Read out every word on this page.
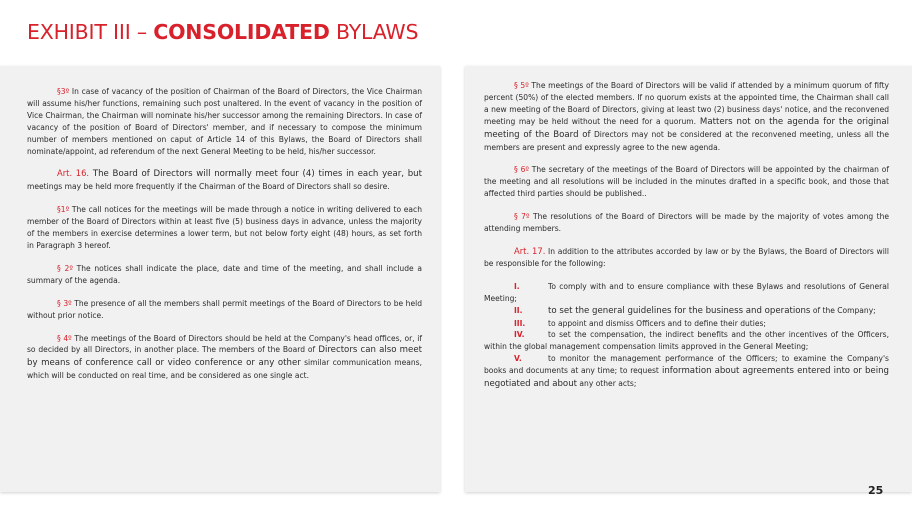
EXHIBIT III – CONSOLIDATED BYLAWS

§3º In case of vacancy of the position of Chairman of the Board of Directors, the Vice Chairman will assume his/her functions, remaining such post unaltered. In the event of vacancy in the position of Vice Chairman, the Chairman will nominate his/her successor among the remaining Directors. In case of vacancy of the position of Board of Directors' member, and if necessary to compose the minimum number of members mentioned on caput of Article 14 of this Bylaws, the Board of Directors shall nominate/appoint, ad referendum of the next General Meeting to be held, his/her successor.

Art. 16. The Board of Directors will normally meet four (4) times in each year, but meetings may be held more frequently if the Chairman of the Board of Directors shall so desire.

§1º The call notices for the meetings will be made through a notice in writing delivered to each member of the Board of Directors within at least five (5) business days in advance, unless the majority of the members in exercise determines a lower term, but not below forty eight (48) hours, as set forth in Paragraph 3 hereof.

§ 2º The notices shall indicate the place, date and time of the meeting, and shall include a summary of the agenda.

§ 3º The presence of all the members shall permit meetings of the Board of Directors to be held without prior notice.

§ 4º The meetings of the Board of Directors should be held at the Company's head offices, or, if so decided by all Directors, in another place. The members of the Board of Directors can also meet by means of conference call or video conference or any other similar communication means, which will be conducted on real time, and be considered as one single act.

§ 5º The meetings of the Board of Directors will be valid if attended by a minimum quorum of fifty percent (50%) of the elected members. If no quorum exists at the appointed time, the Chairman shall call a new meeting of the Board of Directors, giving at least two (2) business days' notice, and the reconvened meeting may be held without the need for a quorum. Matters not on the agenda for the original meeting of the Board of Directors may not be considered at the reconvened meeting, unless all the members are present and expressly agree to the new agenda.

§ 6º The secretary of the meetings of the Board of Directors will be appointed by the chairman of the meeting and all resolutions will be included in the minutes drafted in a specific book, and those that affected third parties should be published..

§ 7º The resolutions of the Board of Directors will be made by the majority of votes among the attending members.

Art. 17. In addition to the attributes accorded by law or by the Bylaws, the Board of Directors will be responsible for the following:

I.	To comply with and to ensure compliance with these Bylaws and resolutions of General Meeting;

II.	to set the general guidelines for the business and operations of the Company;

III.	to appoint and dismiss Officers and to define their duties;

IV.	to set the compensation, the indirect benefits and the other incentives of the Officers, within the global management compensation limits approved in the General Meeting;

V.	to monitor the management performance of the Officers; to examine the Company's books and documents at any time; to request information about agreements entered into or being negotiated and about any other acts;

25
